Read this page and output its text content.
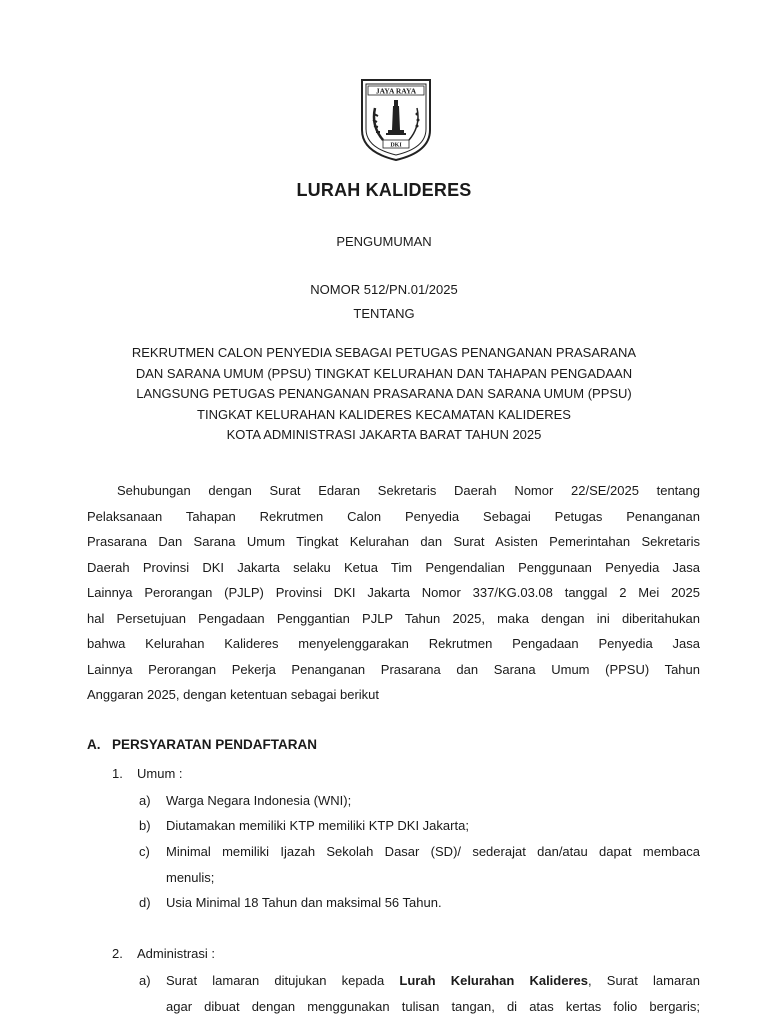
JAYA RAYA
DKI
LURAH KALIDERES
PENGUMUMAN
NOMOR 512/PN.01/2025
TENTANG
REKRUTMEN CALON PENYEDIA SEBAGAI PETUGAS PENANGANAN PRASARANA
DAN SARANA UMUM (PPSU) TINGKAT KELURAHAN DAN TAHAPAN PENGADAAN
LANGSUNG PETUGAS PENANGANAN PRASARANA DAN SARANA UMUM (PPSU)
TINGKAT KELURAHAN KALIDERES KECAMATAN KALIDERES
KOTA ADMINISTRASI JAKARTA BARAT TAHUN 2025
Sehubungan dengan Surat Edaran Sekretaris Daerah Nomor 22/SE/2025 tentang
Pelaksanaan Tahapan Rekrutmen Calon Penyedia Sebagai Petugas Penanganan
Prasarana Dan Sarana Umum Tingkat Kelurahan dan Surat Asisten Pemerintahan Sekretaris
Daerah Provinsi DKI Jakarta selaku Ketua Tim Pengendalian Penggunaan Penyedia Jasa
Lainnya Perorangan (PJLP) Provinsi DKI Jakarta Nomor 337/KG.03.08 tanggal 2 Mei 2025
hal Persetujuan Pengadaan Penggantian PJLP Tahun 2025, maka dengan ini diberitahukan
bahwa Kelurahan Kalideres menyelenggarakan Rekrutmen Pengadaan Penyedia Jasa
Lainnya Perorangan Pekerja Penanganan Prasarana dan Sarana Umum (PPSU) Tahun
Anggaran 2025, dengan ketentuan sebagai berikut
A. PERSYARATAN PENDAFTARAN
1. Umum :
a) Warga Negara Indonesia (WNI);
b) Diutamakan memiliki KTP memiliki KTP DKI Jakarta;
c) Minimal memiliki Ijazah Sekolah Dasar (SD)/ sederajat dan/atau dapat membaca
menulis;
d) Usia Minimal 18 Tahun dan maksimal 56 Tahun.
2. Administrasi :
a) Surat lamaran ditujukan kepada Lurah Kelurahan Kalideres, Surat lamaran
agar dibuat dengan menggunakan tulisan tangan, di atas kertas folio bergaris;
